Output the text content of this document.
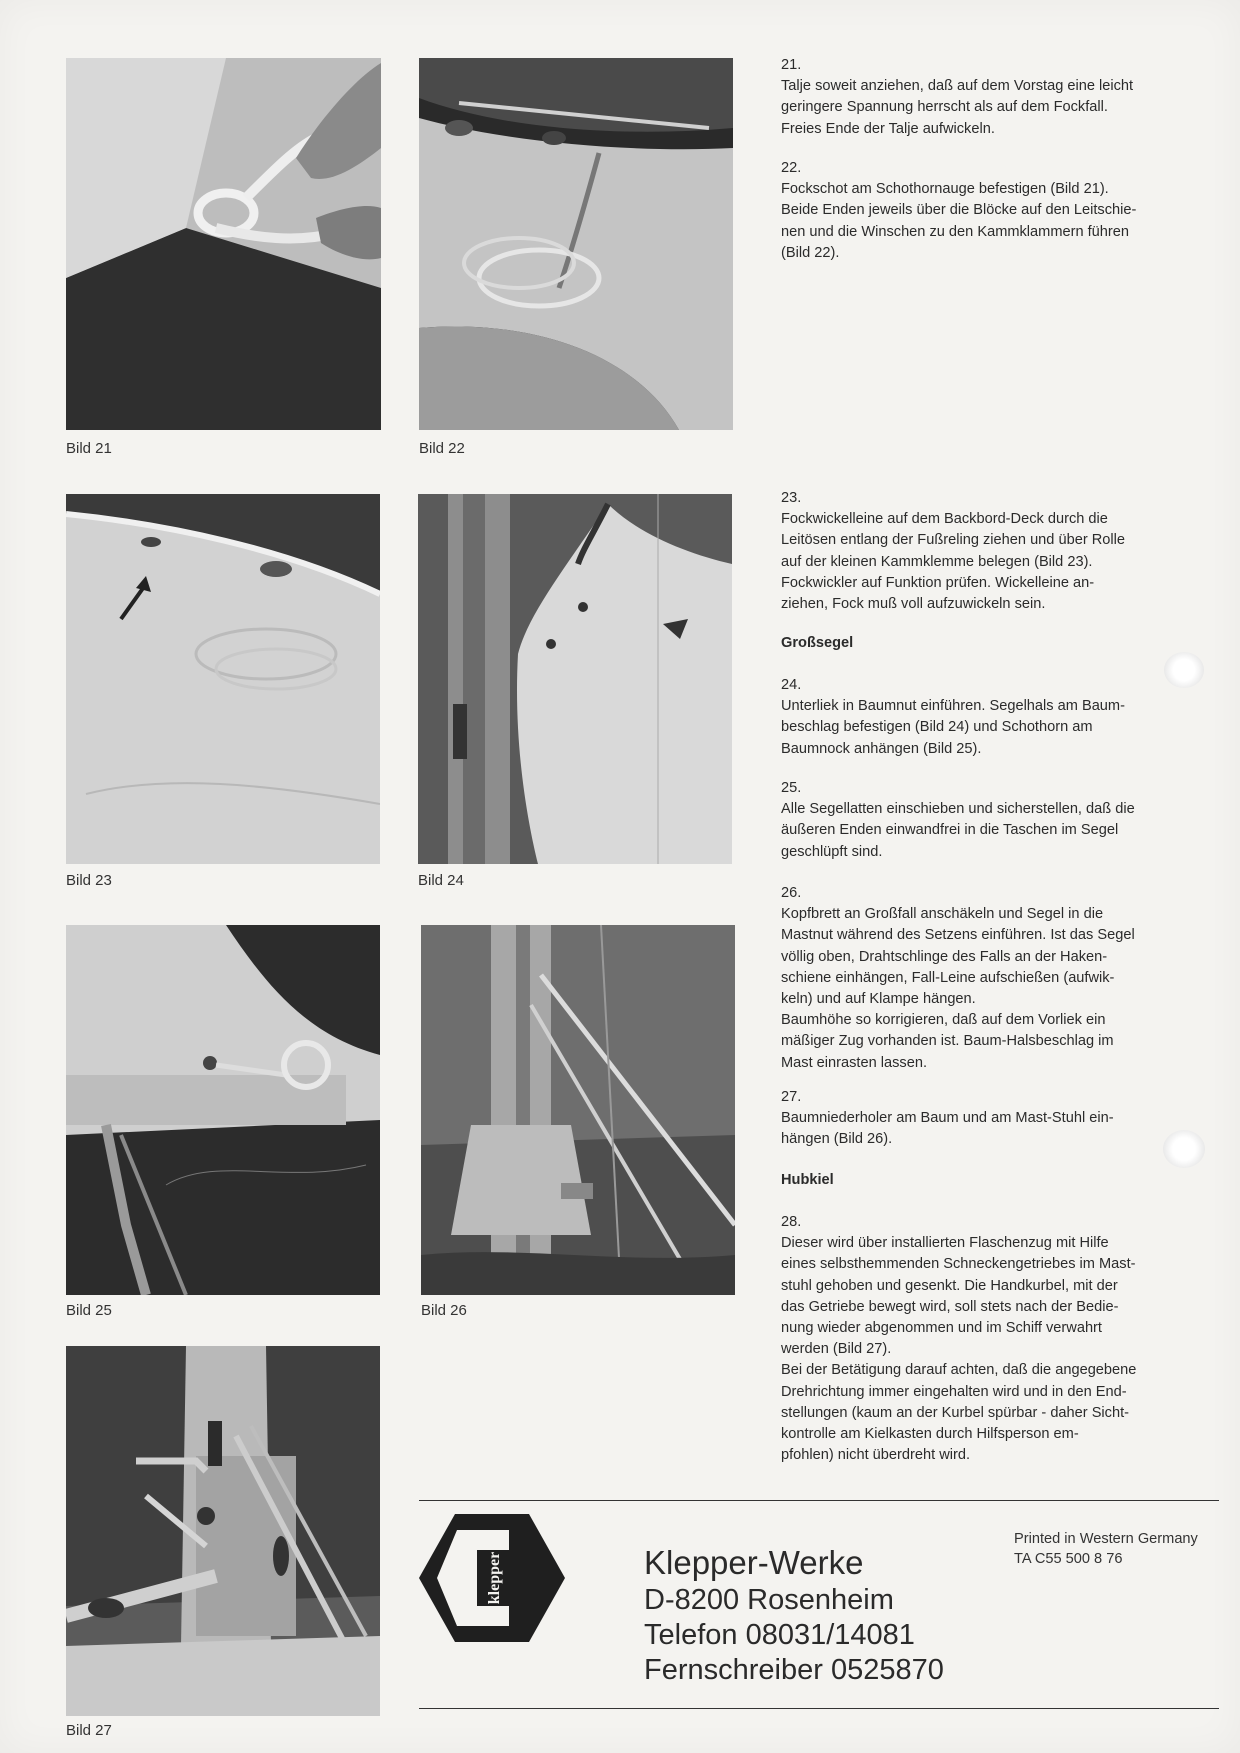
Bild 21	Bild 22
Bild 23	Bild 24
Bild 25	Bild 26
Bild 27
21.

Talje soweit anziehen, daß auf dem Vorstag eine leicht
geringere Spannung herrscht als auf dem Fockfall.
Freies Ende der Talje aufwickeln.

22.

Fockschot am Schothornauge befestigen (Bild 21).
Beide Enden jeweils über die Blöcke auf den Leitschie-
nen und die Winschen zu den Kammklammern führen
(Bild 22).

23.

Fockwickelleine auf dem Backbord-Deck durch die
Leitösen entlang der Fußreling ziehen und über Rolle
auf der kleinen Kammklemme belegen (Bild 23).
Fockwickler auf Funktion prüfen. Wickelleine an-
ziehen, Fock muß voll aufzuwickeln sein.

Großsegel
24.

Unterliek in Baumnut einführen. Segelhals am Baum-
beschlag befestigen (Bild 24) und Schothorn am
Baumnock anhängen (Bild 25).

25.

Alle Segellatten einschieben und sicherstellen, daß die
äußeren Enden einwandfrei in die Taschen im Segel
geschlüpft sind.

26.

Kopfbrett an Großfall anschäkeln und Segel in die
Mastnut während des Setzens einführen. Ist das Segel
völlig oben, Drahtschlinge des Falls an der Haken-
schiene einhängen, Fall-Leine aufschießen (aufwik-
keln) und auf Klampe hängen.
Baumhöhe so korrigieren, daß auf dem Vorliek ein
mäßiger Zug vorhanden ist. Baum-Halsbeschlag im
Mast einrasten lassen.

27.

Baumniederholer am Baum und am Mast-Stuhl ein-
hängen (Bild 26).

Hubkiel
28.

Dieser wird über installierten Flaschenzug mit Hilfe
eines selbsthemmenden Schneckengetriebes im Mast-
stuhl gehoben und gesenkt. Die Handkurbel, mit der
das Getriebe bewegt wird, soll stets nach der Bedie-
nung wieder abgenommen und im Schiff verwahrt
werden (Bild 27).
Bei der Betätigung darauf achten, daß die angegebene
Drehrichtung immer eingehalten wird und in den End-
stellungen (kaum an der Kurbel spürbar - daher Sicht-
kontrolle am Kielkasten durch Hilfsperson em-
pfohlen) nicht überdreht wird.

klepper	Klepper-Werke
D-8200 Rosenheim
Telefon 08031/14081
Fernschreiber 0525870
Printed in Western Germany
TA C55 500 8 76
